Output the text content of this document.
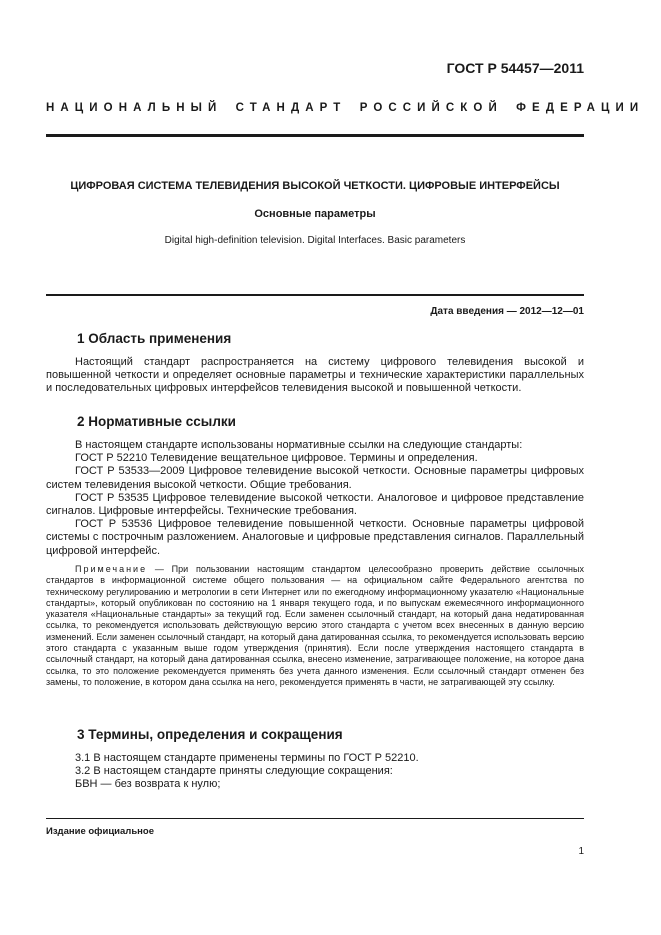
ГОСТ Р 54457—2011
НАЦИОНАЛЬНЫЙ СТАНДАРТ РОССИЙСКОЙ ФЕДЕРАЦИИ
ЦИФРОВАЯ СИСТЕМА ТЕЛЕВИДЕНИЯ ВЫСОКОЙ ЧЕТКОСТИ. ЦИФРОВЫЕ ИНТЕРФЕЙСЫ
Основные параметры
Digital high-definition television. Digital Interfaces. Basic parameters
Дата введения — 2012—12—01
1 Область применения

Настоящий стандарт распространяется на систему цифрового телевидения высокой и повышенной четкости и определяет основные параметры и технические характеристики параллельных и последовательных цифровых интерфейсов телевидения высокой и повышенной четкости.

2 Нормативные ссылки

В настоящем стандарте использованы нормативные ссылки на следующие стандарты:

ГОСТ Р 52210 Телевидение вещательное цифровое. Термины и определения.

ГОСТ Р 53533—2009 Цифровое телевидение высокой четкости. Основные параметры цифровых систем телевидения высокой четкости. Общие требования.

ГОСТ Р 53535 Цифровое телевидение высокой четкости. Аналоговое и цифровое представление сигналов. Цифровые интерфейсы. Технические требования.

ГОСТ Р 53536 Цифровое телевидение повышенной четкости. Основные параметры цифровой системы с построчным разложением. Аналоговые и цифровые представления сигналов. Параллельный цифровой интерфейс.

Примечание — При пользовании настоящим стандартом целесообразно проверить действие ссылочных стандартов в информационной системе общего пользования — на официальном сайте Федерального агентства по техническому регулированию и метрологии в сети Интернет или по ежегодному информационному указателю «Национальные стандарты», который опубликован по состоянию на 1 января текущего года, и по выпускам ежемесячного информационного указателя «Национальные стандарты» за текущий год. Если заменен ссылочный стандарт, на который дана недатированная ссылка, то рекомендуется использовать действующую версию этого стандарта с учетом всех внесенных в данную версию изменений. Если заменен ссылочный стандарт, на который дана датированная ссылка, то рекомендуется использовать версию этого стандарта с указанным выше годом утверждения (принятия). Если после утверждения настоящего стандарта в ссылочный стандарт, на который дана датированная ссылка, внесено изменение, затрагивающее положение, на которое дана ссылка, то это положение рекомендуется применять без учета данного изменения. Если ссылочный стандарт отменен без замены, то положение, в котором дана ссылка на него, рекомендуется применять в части, не затрагивающей эту ссылку.

3 Термины, определения и сокращения

3.1 В настоящем стандарте применены термины по ГОСТ Р 52210.

3.2 В настоящем стандарте приняты следующие сокращения:

БВН — без возврата к нулю;

Издание официальное
1
